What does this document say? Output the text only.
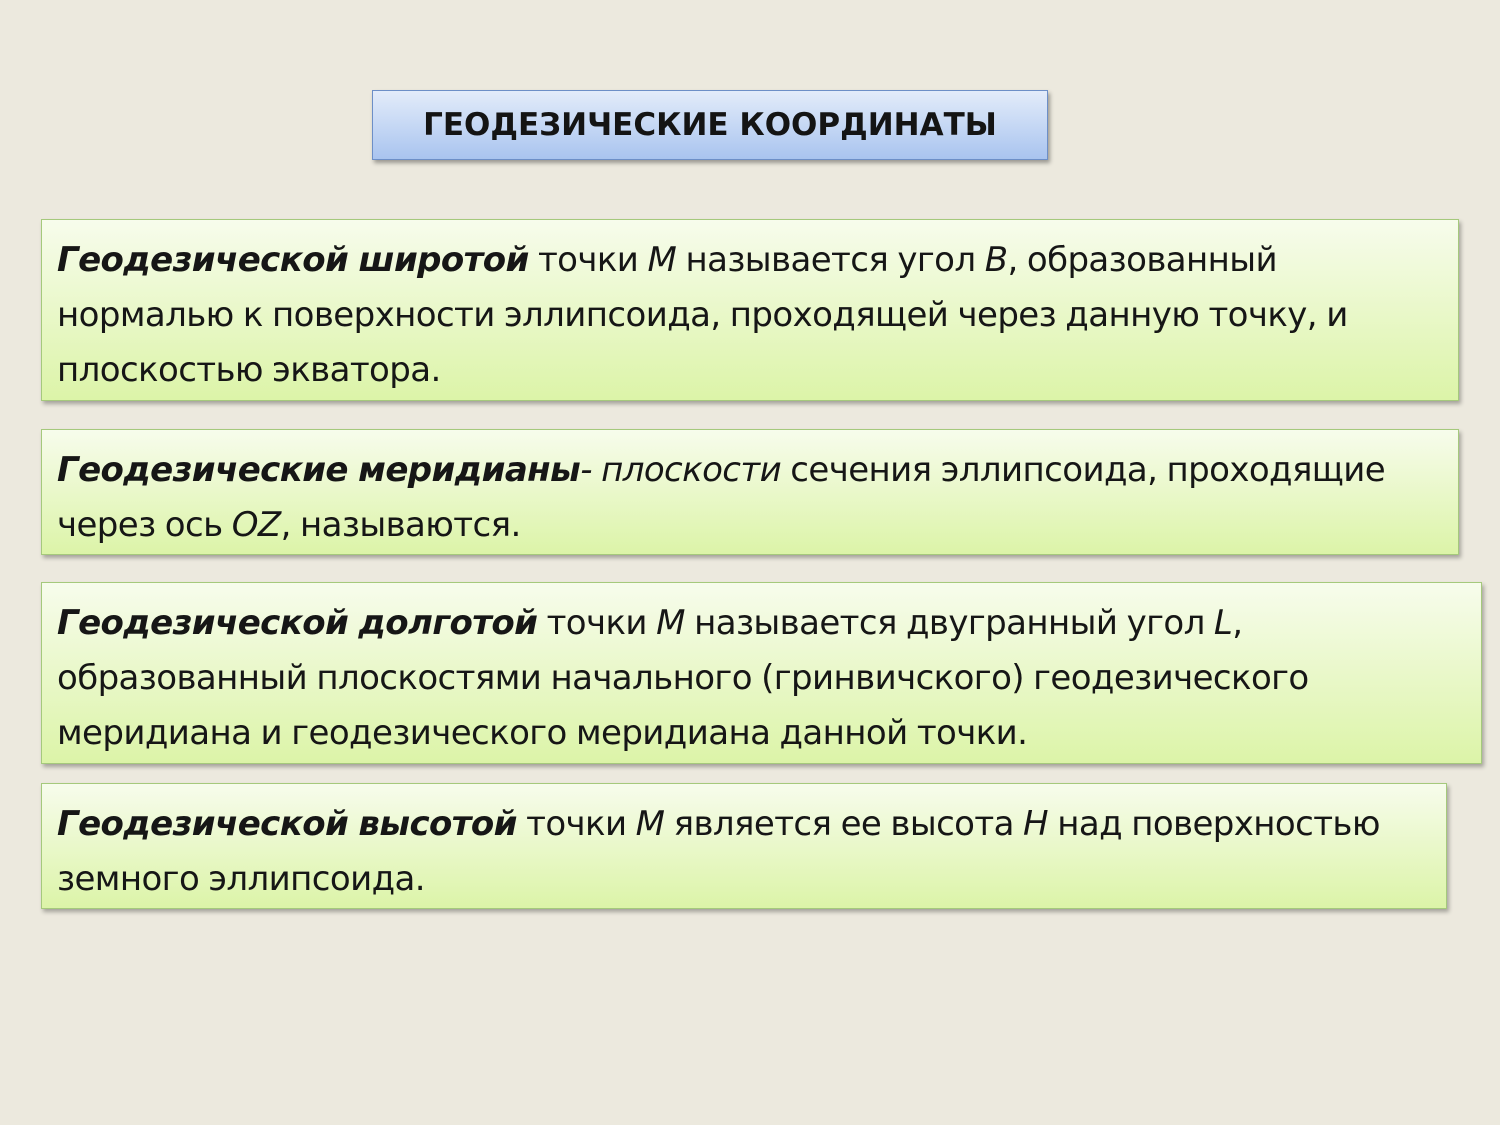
ГЕОДЕЗИЧЕСКИЕ КООРДИНАТЫ

Геодезической широтой точки M называется угол B, образованный нормалью к поверхности эллипсоида, проходящей через данную точку, и плоскостью экватора.

Геодезические меридианы- плоскости сечения эллипсоида, проходящие через ось OZ, называются.

Геодезической долготой точки M называется двугранный угол L, образованный плоскостями начального (гринвичского) геодезического меридиана и геодезического меридиана данной точки.

Геодезической высотой точки M является ее высота H над поверхностью земного эллипсоида.
